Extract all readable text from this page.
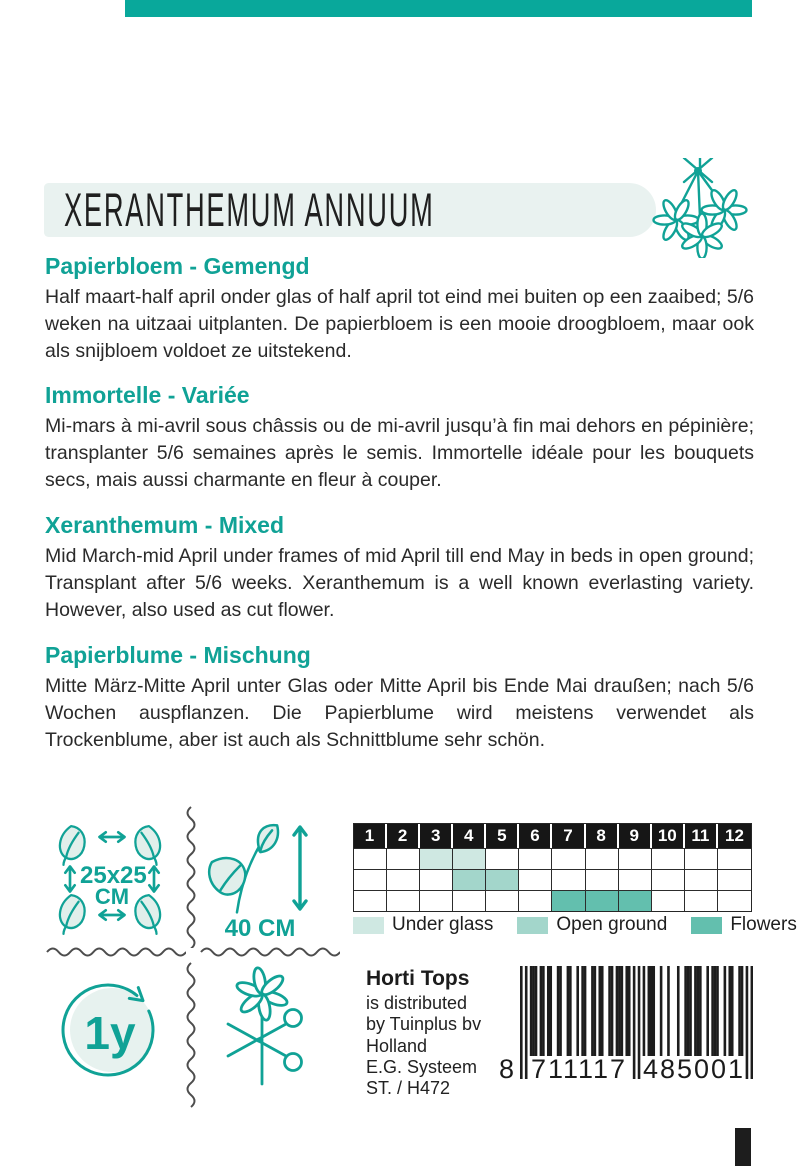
XERANTHEMUM ANNUUM
Papierbloem - Gemengd

Half maart-half april onder glas of half april tot eind mei buiten op een zaaibed; 5/6 weken na uitzaai uitplanten. De papierbloem is een mooie droogbloem, maar ook als snijbloem voldoet ze uitstekend.

Immortelle - Variée

Mi-mars à mi-avril sous châssis ou de mi-avril jusqu’à fin mai dehors en pépinière; transplanter 5/6 semaines après le semis. Immortelle idéale pour les bouquets secs, mais aussi charmante en fleur à couper.

Xeranthemum - Mixed

Mid March-mid April under frames of mid April till end May in beds in open ground; Transplant after 5/6 weeks. Xeranthemum is a well known everlasting variety. However, also used as cut flower.

Papierblume - Mischung

Mitte März-Mitte April unter Glas oder Mitte April bis Ende Mai draußen; nach 5/6 Wochen auspflanzen. Die Papierblume wird meistens verwendet als Trockenblume, aber ist auch als Schnittblume sehr schön.

25x25
CM
40 CM
1	2	3	4	5	6	7	8	9	10 11 12
Under glass	Open ground	Flowers
1y
Horti Tops
is distributed
by Tuinplus bv
Holland
E.G. Systeem
ST. / H472
8 711117 485001
